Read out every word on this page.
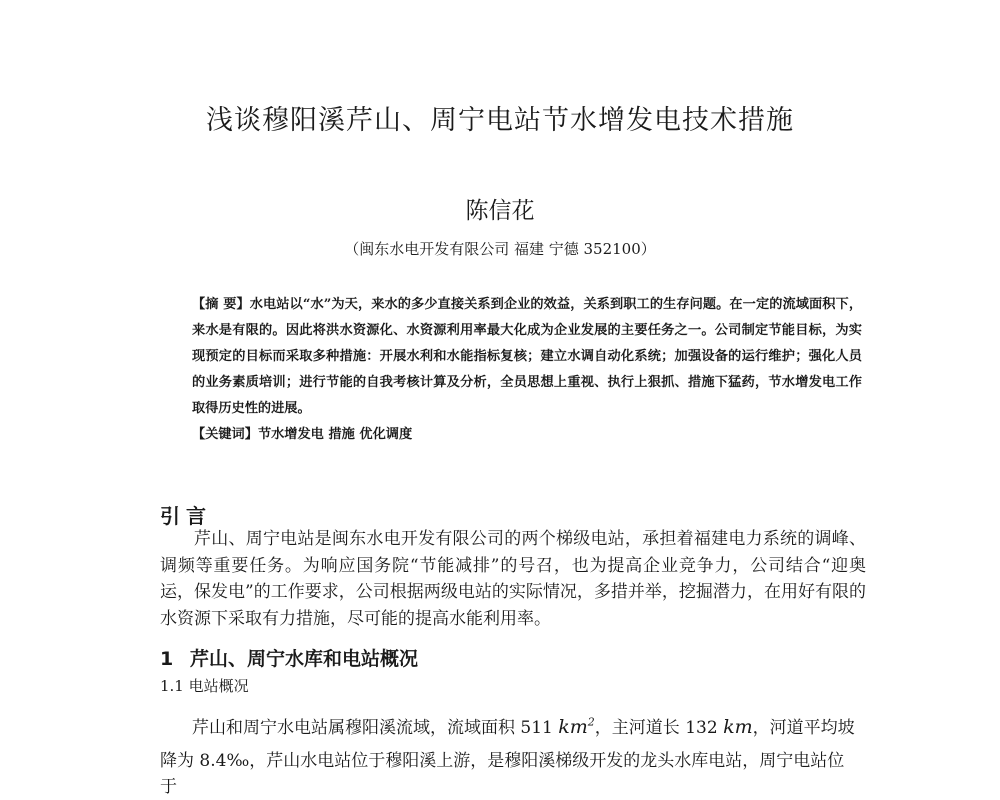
浅谈穆阳溪芹山、周宁电站节水增发电技术措施
陈信花
（闽东水电开发有限公司 福建 宁德 352100）

【摘 要】水电站以“水”为天，来水的多少直接关系到企业的效益，关系到职工的生存问题。在一定的流域面积下，来水是有限的。因此将洪水资源化、水资源利用率最大化成为企业发展的主要任务之一。公司制定节能目标，为实现预定的目标而采取多种措施：开展水利和水能指标复核；建立水调自动化系统；加强设备的运行维护；强化人员的业务素质培训；进行节能的自我考核计算及分析，全员思想上重视、执行上狠抓、措施下猛药，节水增发电工作取得历史性的进展。

【关键词】节水增发电 措施 优化调度

引言

芹山、周宁电站是闽东水电开发有限公司的两个梯级电站，承担着福建电力系统的调峰、调频等重要任务。为响应国务院“节能减排”的号召，也为提高企业竞争力，公司结合“迎奥运，保发电”的工作要求，公司根据两级电站的实际情况，多措并举，挖掘潜力，在用好有限的水资源下采取有力措施，尽可能的提高水能利用率。

1 芹山、周宁水库和电站概况
1.1 电站概况
芹山和周宁水电站属穆阳溪流域，流域面积 511 $km^2$，主河道长 132 km，河道平均坡
降为 8.4‰，芹山水电站位于穆阳溪上游，是穆阳溪梯级开发的龙头水库电站，周宁电站位于
